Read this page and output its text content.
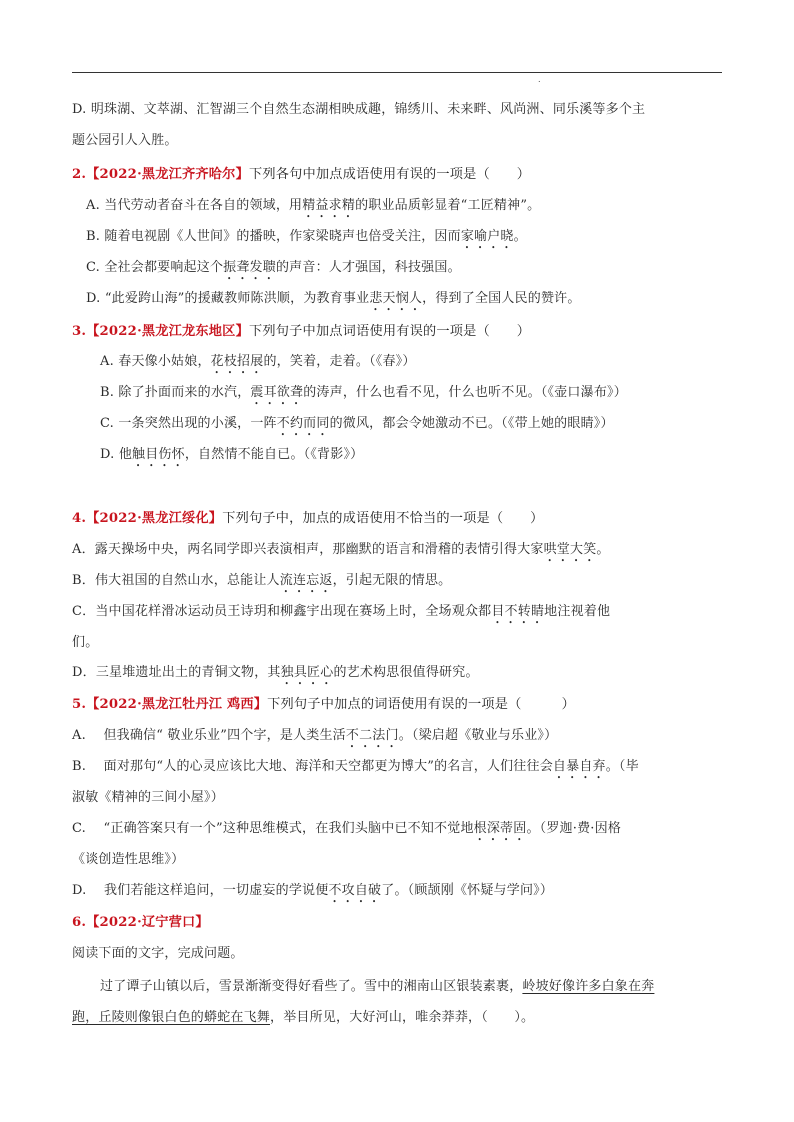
.
D. 明珠湖、文萃湖、汇智湖三个自然生态湖相映成趣，锦绣川、未来畔、风尚洲、同乐溪等多个主
题公园引人入胜。
2.【2022·黑龙江齐齐哈尔】下列各句中加点成语使用有误的一项是（　　）
A. 当代劳动者奋斗在各自的领域，用精益求精的职业品质彰显着“工匠精神”。
B. 随着电视剧《人世间》的播映，作家梁晓声也倍受关注，因而家喻户晓。
C. 全社会都要响起这个振聋发聩的声音：人才强国，科技强国。
D. “此爱跨山海”的援藏教师陈洪顺，为教育事业悲天悯人，得到了全国人民的赞许。
3.【2022·黑龙江龙东地区】下列句子中加点词语使用有误的一项是（　　）
A. 春天像小姑娘，花枝招展的，笑着，走着。（《春》）
B. 除了扑面而来的水汽，震耳欲聋的涛声，什么也看不见，什么也听不见。（《壶口瀑布》）
C. 一条突然出现的小溪，一阵不约而同的微风，都会令她激动不已。（《带上她的眼睛》）
D. 他触目伤怀，自然情不能自已。（《背影》）
4.【2022·黑龙江绥化】下列句子中，加点的成语使用不恰当的一项是（　　）
A．露天操场中央，两名同学即兴表演相声，那幽默的语言和滑稽的表情引得大家哄堂大笑。
B．伟大祖国的自然山水，总能让人流连忘返，引起无限的情思。
C．当中国花样滑冰运动员王诗玥和柳鑫宇出现在赛场上时，全场观众都目不转睛地注视着他
们。
D．三星堆遗址出土的青铜文物，其独具匠心的艺术构思很值得研究。
5.【2022·黑龙江牡丹江 鸡西】下列句子中加点的词语使用有误的一项是（　　　）
A.　 但我确信“ 敬业乐业”四个字，是人类生活不二法门。（梁启超《敬业与乐业》）
B.　 面对那句“人的心灵应该比大地、海洋和天空都更为博大”的名言，人们往往会自暴自弃。（毕
淑敏《精神的三间小屋》）
C.　 “正确答案只有一个”这种思维模式，在我们头脑中已不知不觉地根深蒂固。（罗迦·费·因格
《谈创造性思维》）
D.　 我们若能这样追问，一切虚妄的学说便不攻自破了。（顾颉刚《怀疑与学问》）
6.【2022·辽宁营口】
阅读下面的文字，完成问题。
过了谭子山镇以后，雪景渐渐变得好看些了。雪中的湘南山区银装素裹，岭坡好像许多白象在奔
跑，丘陵则像银白色的蟒蛇在飞舞，举目所见，大好河山，唯余莽莽，（　　）。
